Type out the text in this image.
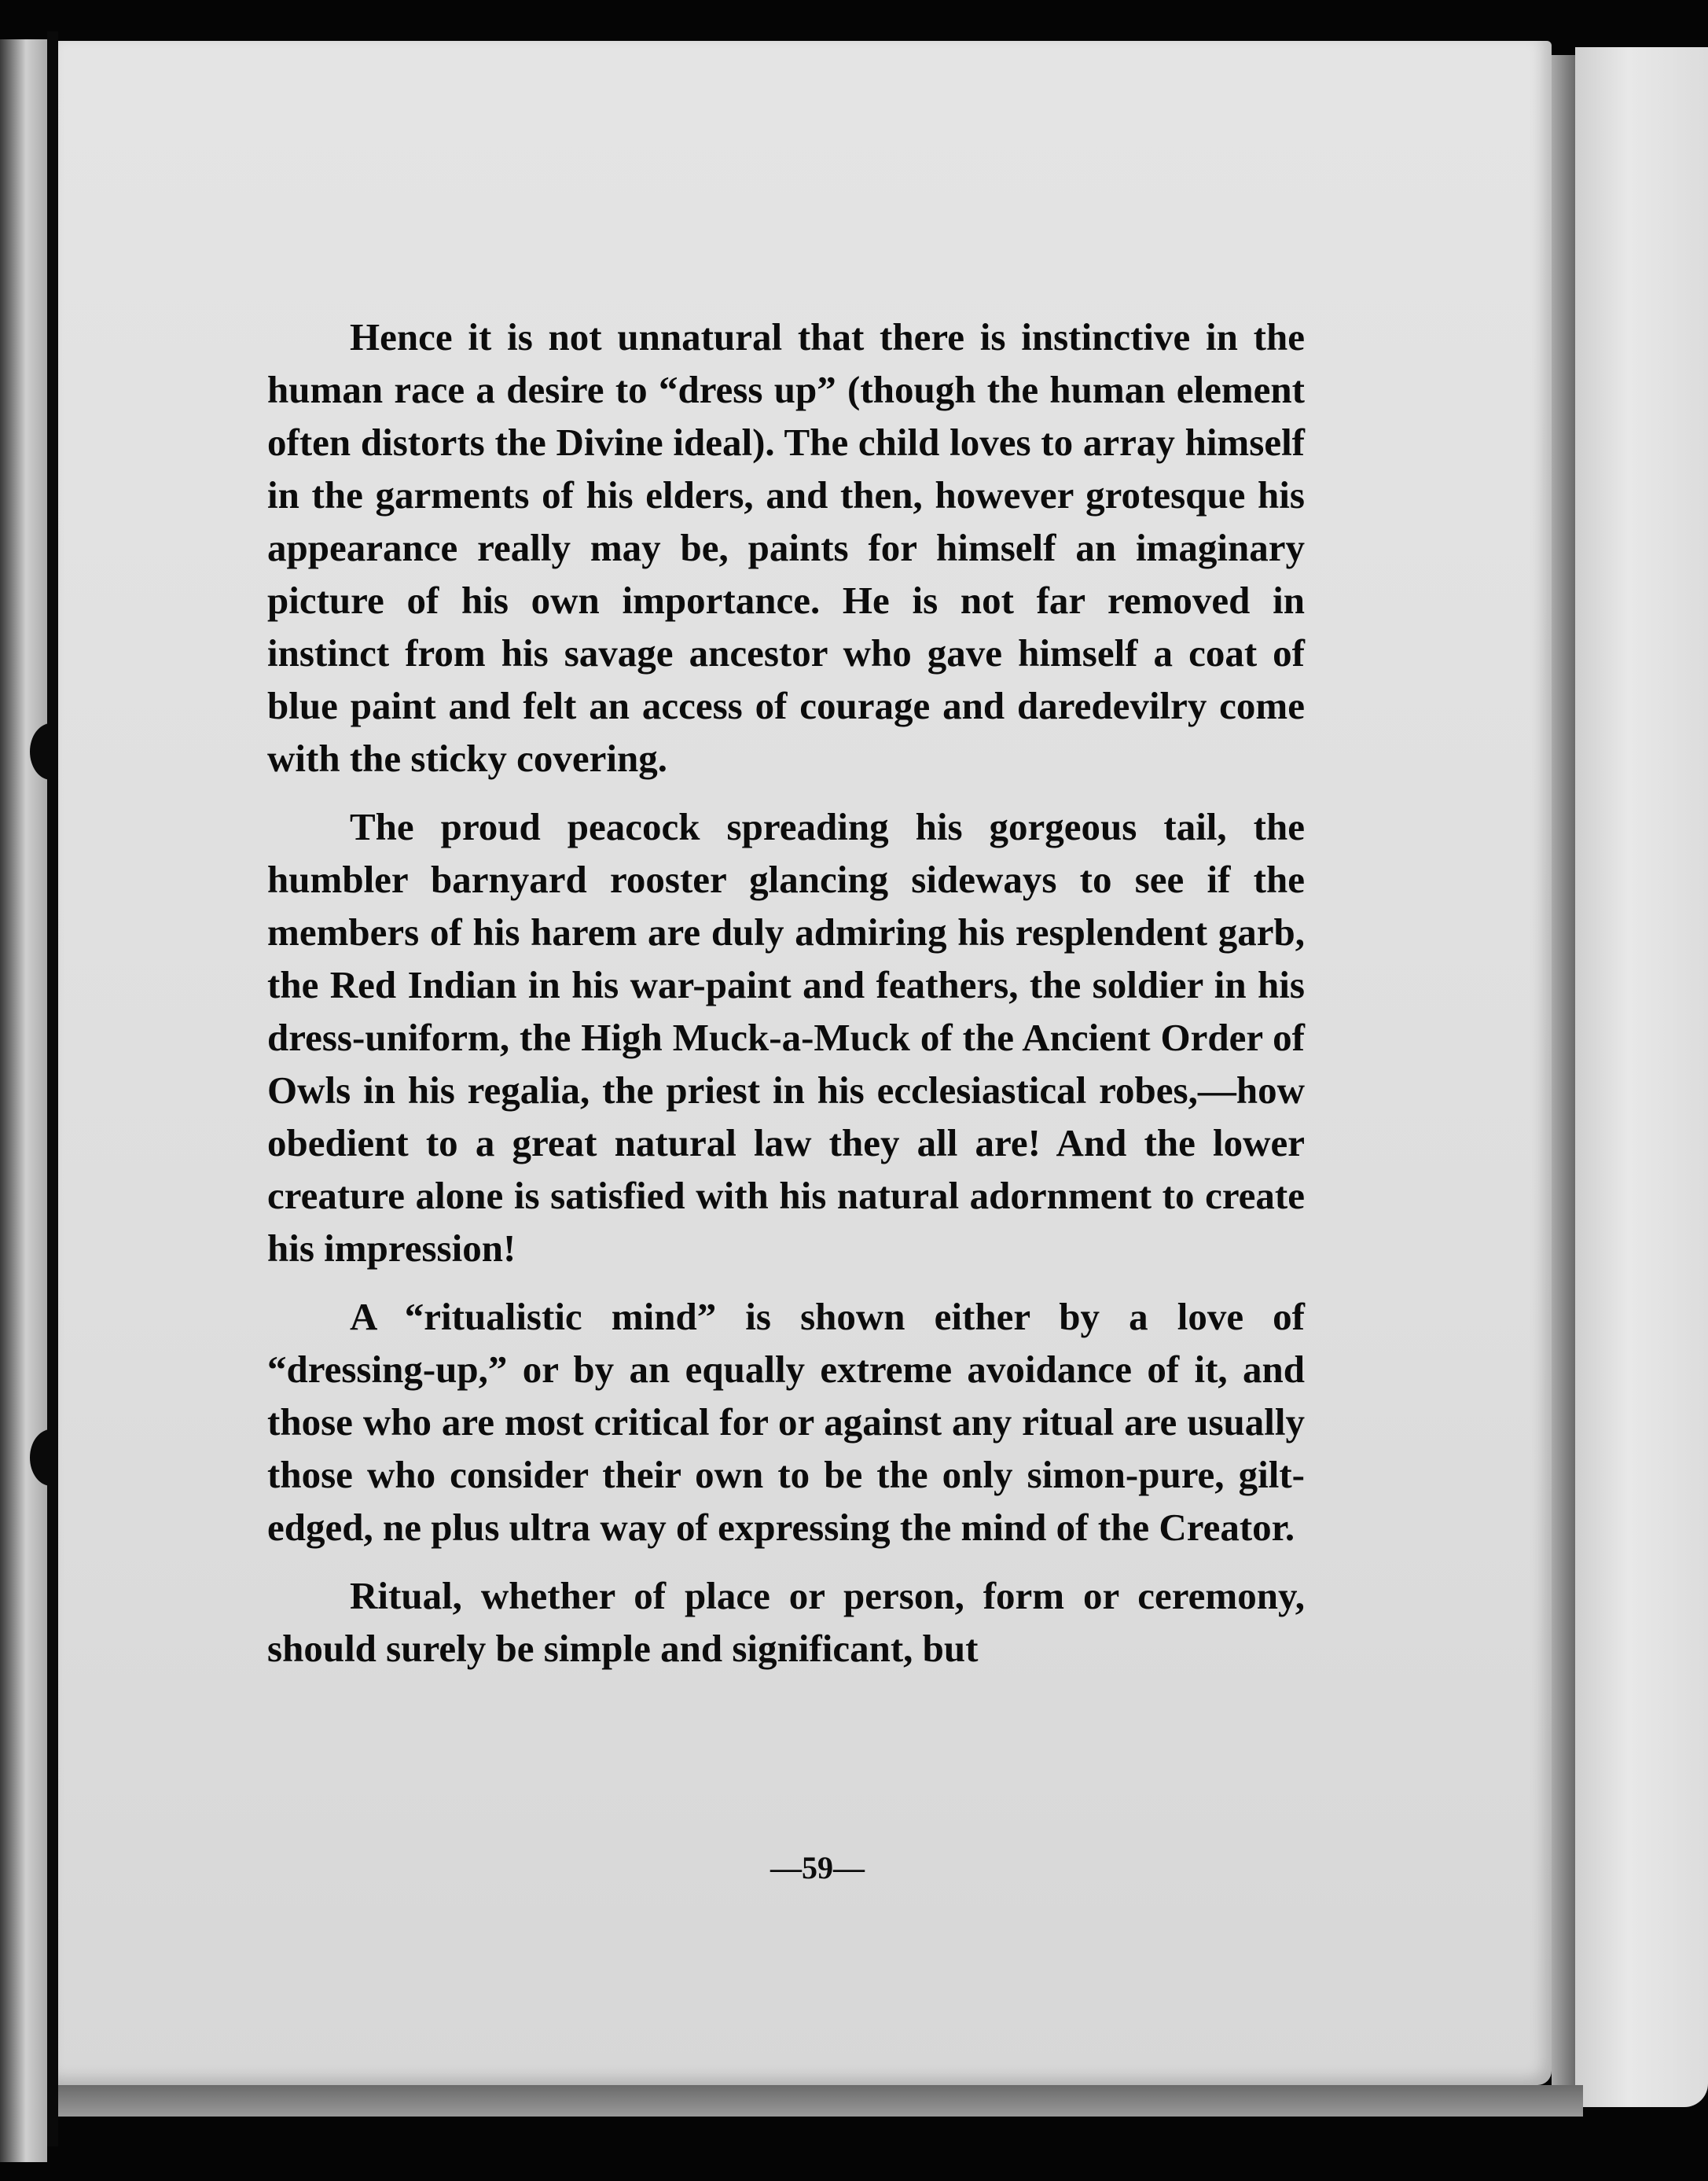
Hence it is not unnatural that there is instinctive in the human race a desire to “dress up” (though the human element often distorts the Divine ideal). The child loves to array himself in the garments of his elders, and then, however grotesque his appearance really may be, paints for himself an imaginary picture of his own importance. He is not far removed in instinct from his savage ancestor who gave himself a coat of blue paint and felt an access of courage and daredevilry come with the sticky covering.

The proud peacock spreading his gorgeous tail, the humbler barnyard rooster glancing sideways to see if the members of his harem are duly admiring his resplendent garb, the Red Indian in his war-paint and feathers, the soldier in his dress-uniform, the High Muck-a-Muck of the Ancient Order of Owls in his regalia, the priest in his ecclesiastical robes,—how obedient to a great natural law they all are! And the lower creature alone is satisfied with his natural adornment to create his impression!

A “ritualistic mind” is shown either by a love of “dressing-up,” or by an equally extreme avoidance of it, and those who are most critical for or against any ritual are usually those who consider their own to be the only simon-pure, gilt-edged, ne plus ultra way of expressing the mind of the Creator.

Ritual, whether of place or person, form or ceremony, should surely be simple and significant, but

—59—
